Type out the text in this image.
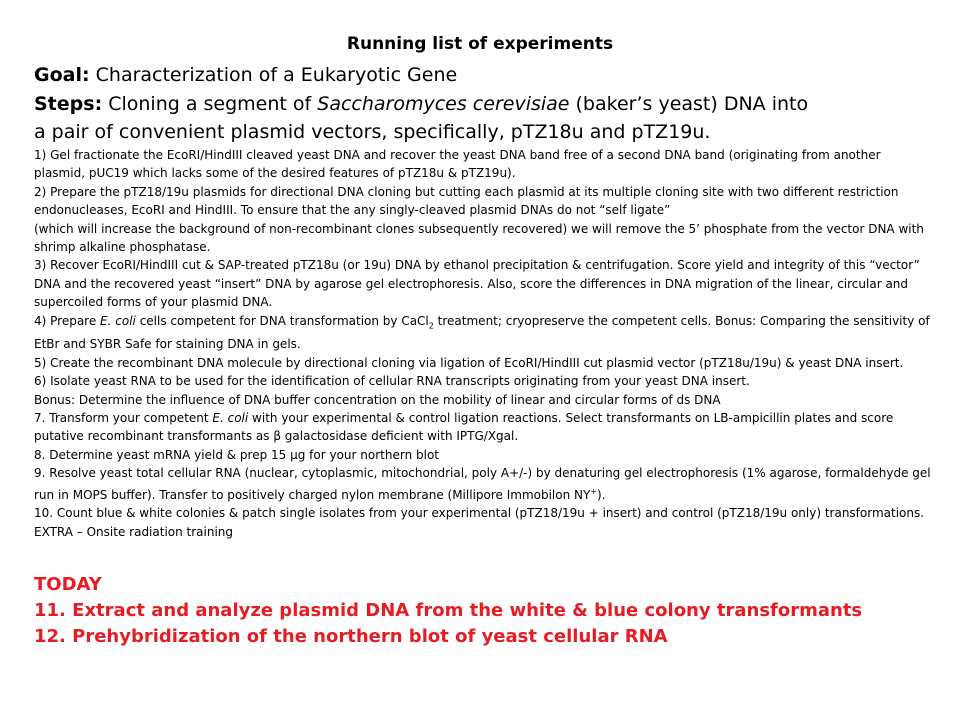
Running list of experiments
Goal: Characterization of a Eukaryotic Gene
Steps: Cloning a segment of Saccharomyces cerevisiae (baker’s yeast) DNA into
a pair of convenient plasmid vectors, specifically, pTZ18u and pTZ19u.

1) Gel fractionate the EcoRI/HindIII cleaved yeast DNA and recover the yeast DNA band free of a second DNA band (originating from another plasmid, pUC19 which lacks some of the desired features of pTZ18u & pTZ19u).

2) Prepare the pTZ18/19u plasmids for directional DNA cloning but cutting each plasmid at its multiple cloning site with two different restriction endonucleases, EcoRI and HindIII. To ensure that the any singly-cleaved plasmid DNAs do not “self ligate”

(which will increase the background of non-recombinant clones subsequently recovered) we will remove the 5’ phosphate from the vector DNA with shrimp alkaline phosphatase.

3) Recover EcoRI/HindIII cut & SAP-treated pTZ18u (or 19u) DNA by ethanol precipitation & centrifugation. Score yield and integrity of this “vector” DNA and the recovered yeast “insert” DNA by agarose gel electrophoresis. Also, score the differences in DNA migration of the linear, circular and supercoiled forms of your plasmid DNA.

4) Prepare E. coli cells competent for DNA transformation by CaCl$_2$ treatment; cryopreserve the competent cells. Bonus: Comparing the sensitivity of EtBr and SYBR Safe for staining DNA in gels.

5) Create the recombinant DNA molecule by directional cloning via ligation of EcoRI/HindIII cut plasmid vector (pTZ18u/19u) & yeast DNA insert.

6) Isolate yeast RNA to be used for the identification of cellular RNA transcripts originating from your yeast DNA insert.

Bonus: Determine the influence of DNA buffer concentration on the mobility of linear and circular forms of ds DNA

7. Transform your competent E. coli with your experimental & control ligation reactions. Select transformants on LB-ampicillin plates and score putative recombinant transformants as β galactosidase deficient with IPTG/Xgal.

8. Determine yeast mRNA yield & prep 15 µg for your northern blot

9. Resolve yeast total cellular RNA (nuclear, cytoplasmic, mitochondrial, poly A+/-) by denaturing gel electrophoresis (1% agarose, formaldehyde gel run in MOPS buffer). Transfer to positively charged nylon membrane (Millipore Immobilon NY+).

10. Count blue & white colonies & patch single isolates from your experimental (pTZ18/19u + insert) and control (pTZ18/19u only) transformations. EXTRA – Onsite radiation training

TODAY

11. Extract and analyze plasmid DNA from the white & blue colony transformants

12. Prehybridization of the northern blot of yeast cellular RNA
